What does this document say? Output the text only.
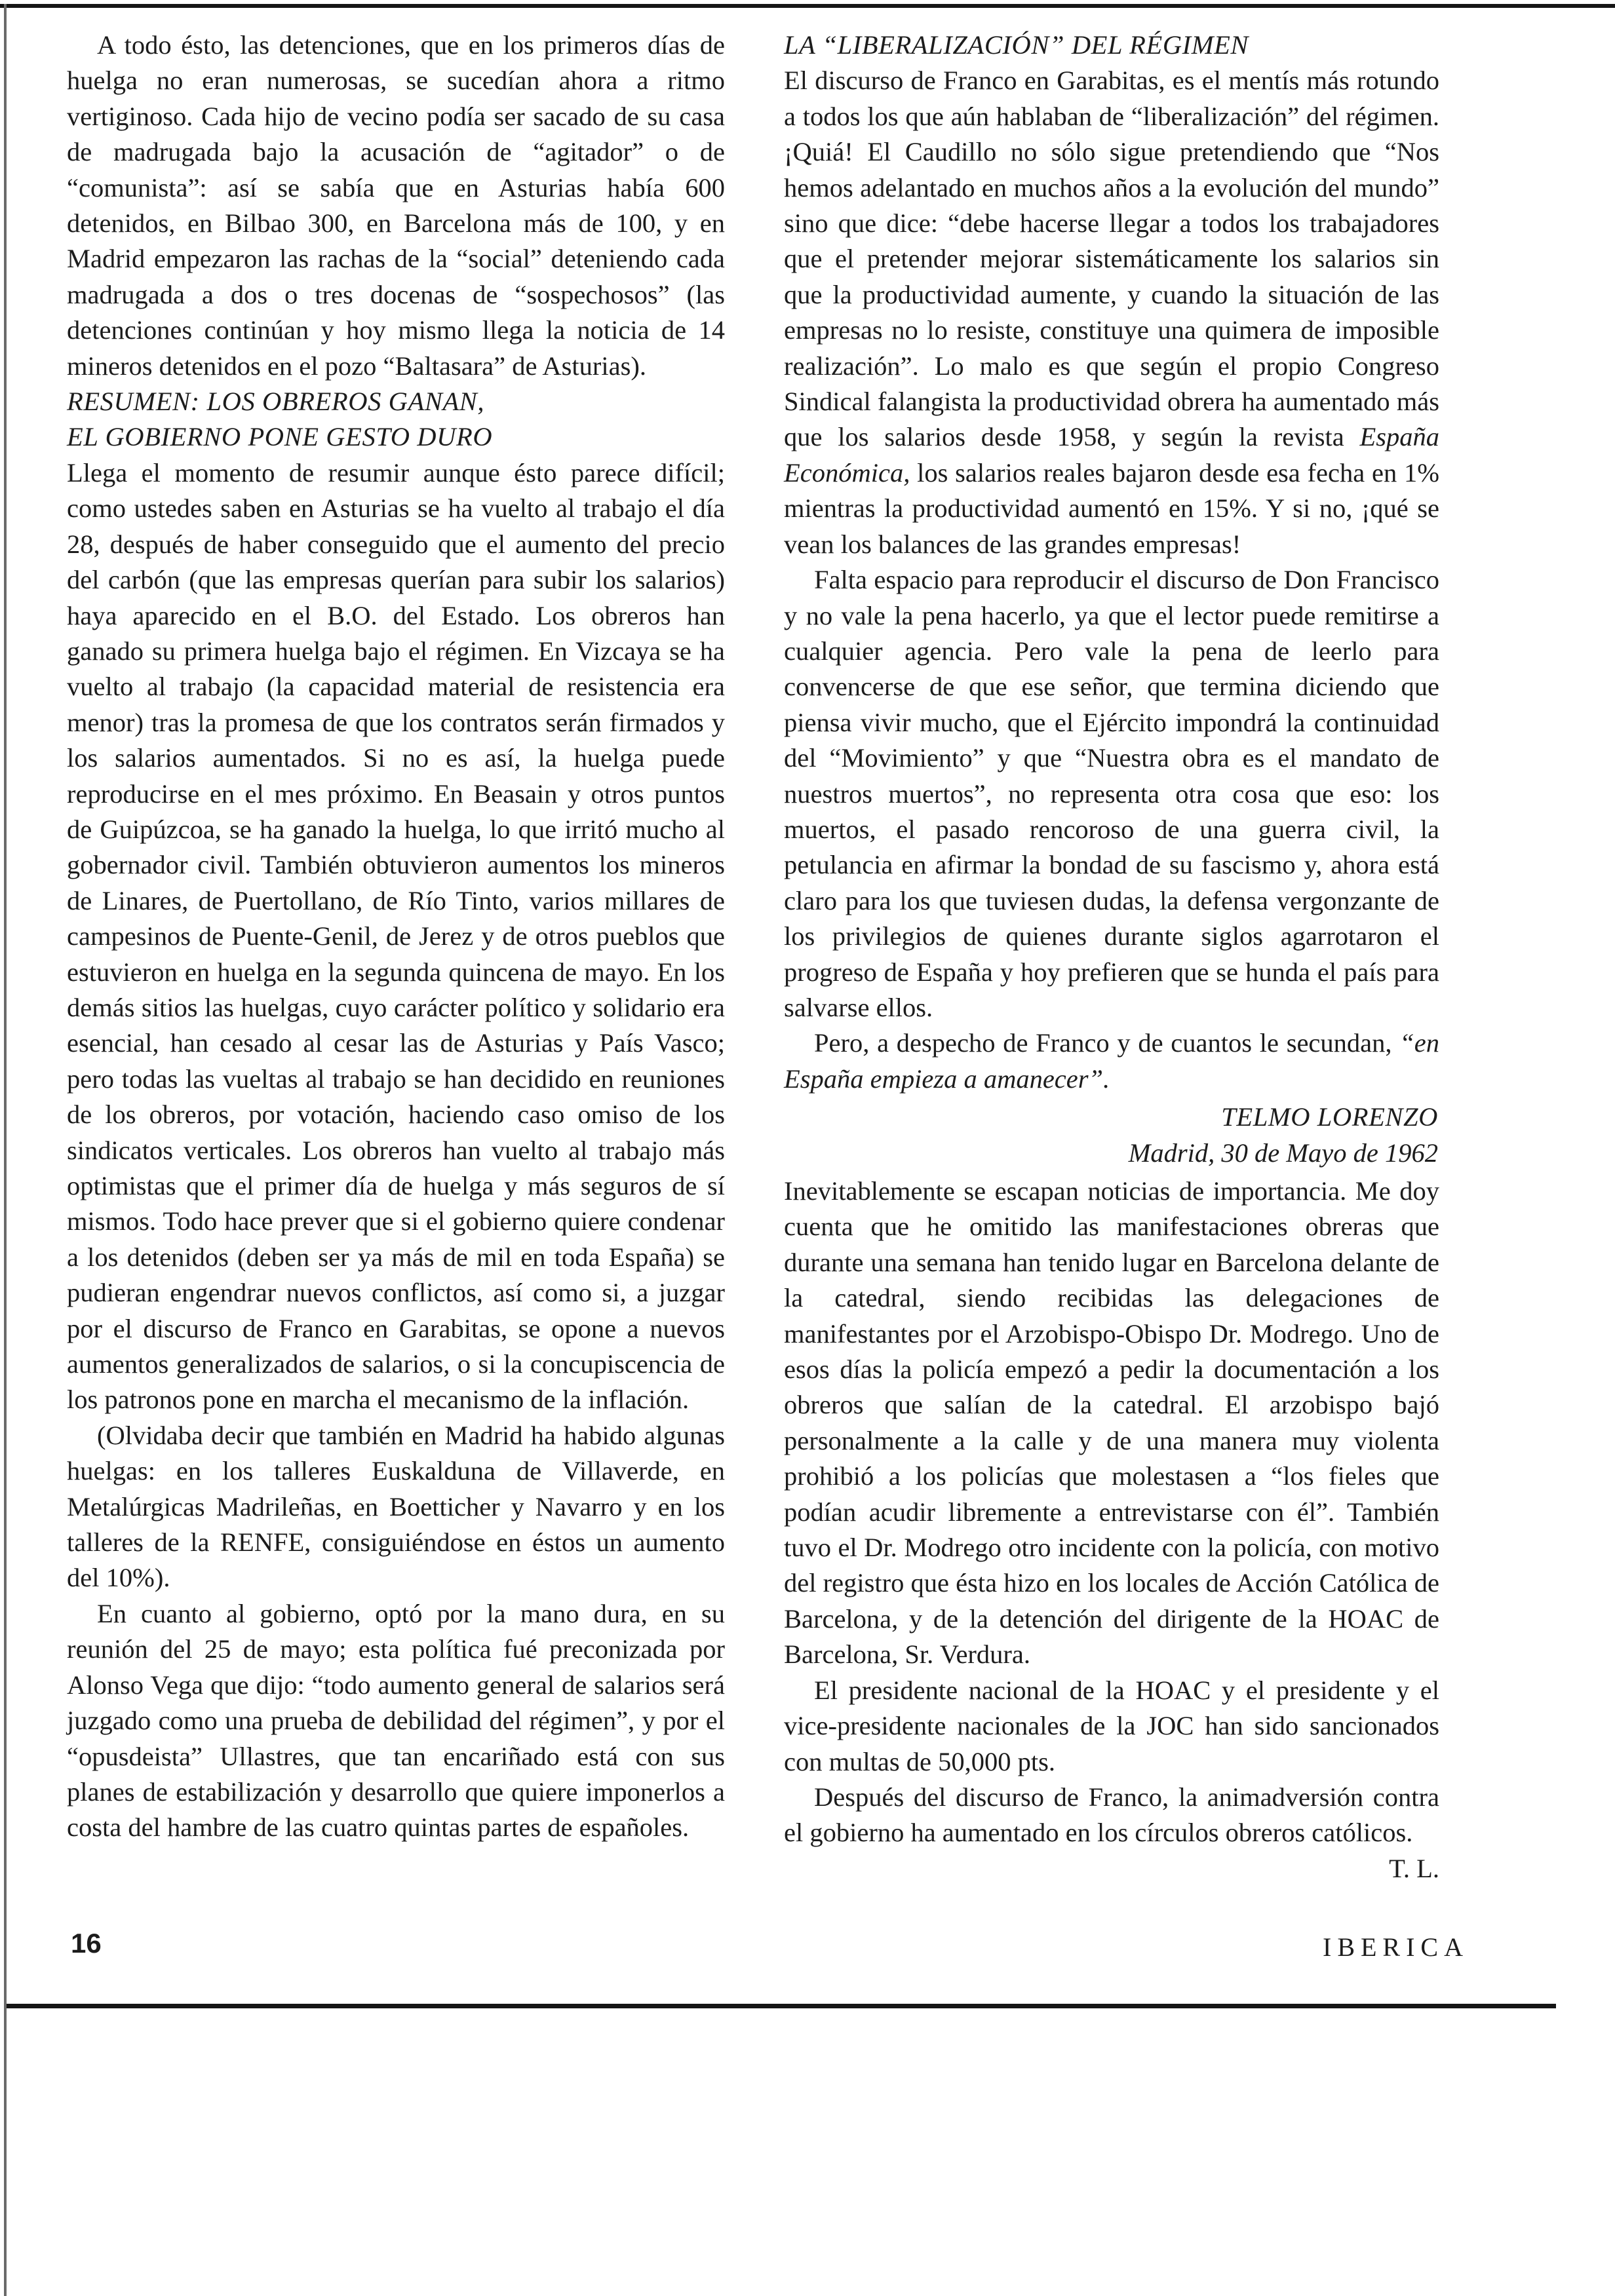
A todo ésto, las detenciones, que en los primeros días de huelga no eran numerosas, se sucedían ahora a ritmo vertiginoso. Cada hijo de vecino podía ser sacado de su casa de madrugada bajo la acusación de “agitador” o de “comunista”: así se sabía que en Asturias había 600 detenidos, en Bilbao 300, en Barcelona más de 100, y en Madrid empezaron las rachas de la “social” deteniendo cada madrugada a dos o tres docenas de “sospechosos” (las detenciones continúan y hoy mismo llega la noticia de 14 mineros detenidos en el pozo “Baltasara” de Asturias).

RESUMEN: LOS OBREROS GANAN,
EL GOBIERNO PONE GESTO DURO

Llega el momento de resumir aunque ésto parece difícil; como ustedes saben en Asturias se ha vuelto al trabajo el día 28, después de haber conseguido que el aumento del precio del carbón (que las empresas querían para subir los salarios) haya aparecido en el B.O. del Estado. Los obreros han ganado su primera huelga bajo el régimen. En Vizcaya se ha vuelto al trabajo (la capacidad material de resistencia era menor) tras la promesa de que los contratos serán firmados y los salarios aumentados. Si no es así, la huelga puede reproducirse en el mes próximo. En Beasain y otros puntos de Guipúzcoa, se ha ganado la huelga, lo que irritó mucho al gobernador civil. También obtuvieron aumentos los mineros de Linares, de Puertollano, de Río Tinto, varios millares de campesinos de Puente-Genil, de Jerez y de otros pueblos que estuvieron en huelga en la segunda quincena de mayo. En los demás sitios las huelgas, cuyo carácter político y solidario era esencial, han cesado al cesar las de Asturias y País Vasco; pero todas las vueltas al trabajo se han decidido en reuniones de los obreros, por votación, haciendo caso omiso de los sindicatos verticales. Los obreros han vuelto al trabajo más optimistas que el primer día de huelga y más seguros de sí mismos. Todo hace prever que si el gobierno quiere condenar a los detenidos (deben ser ya más de mil en toda España) se pudieran engendrar nuevos conflictos, así como si, a juzgar por el discurso de Franco en Garabitas, se opone a nuevos aumentos generalizados de salarios, o si la concupiscencia de los patronos pone en marcha el mecanismo de la inflación.

(Olvidaba decir que también en Madrid ha habido algunas huelgas: en los talleres Euskalduna de Villaverde, en Metalúrgicas Madrileñas, en Boetticher y Navarro y en los talleres de la RENFE, consiguiéndose en éstos un aumento del 10%).

En cuanto al gobierno, optó por la mano dura, en su reunión del 25 de mayo; esta política fué preconizada por Alonso Vega que dijo: “todo aumento general de salarios será juzgado como una prueba de debilidad del régimen”, y por el “opusdeista” Ullastres, que tan encariñado está con sus planes de estabilización y desarrollo que quiere imponerlos a costa del hambre de las cuatro quintas partes de españoles.

LA “LIBERALIZACIÓN” DEL RÉGIMEN

El discurso de Franco en Garabitas, es el mentís más rotundo a todos los que aún hablaban de “liberalización” del régimen. ¡Quiá! El Caudillo no sólo sigue pretendiendo que “Nos hemos adelantado en muchos años a la evolución del mundo” sino que dice: “debe hacerse llegar a todos los trabajadores que el pretender mejorar sistemáticamente los salarios sin que la productividad aumente, y cuando la situación de las empresas no lo resiste, constituye una quimera de imposible realización”. Lo malo es que según el propio Congreso Sindical falangista la productividad obrera ha aumentado más que los salarios desde 1958, y según la revista España Económica, los salarios reales bajaron desde esa fecha en 1% mientras la productividad aumentó en 15%. Y si no, ¡qué se vean los balances de las grandes empresas!

Falta espacio para reproducir el discurso de Don Francisco y no vale la pena hacerlo, ya que el lector puede remitirse a cualquier agencia. Pero vale la pena de leerlo para convencerse de que ese señor, que termina diciendo que piensa vivir mucho, que el Ejército impondrá la continuidad del “Movimiento” y que “Nuestra obra es el mandato de nuestros muertos”, no representa otra cosa que eso: los muertos, el pasado rencoroso de una guerra civil, la petulancia en afirmar la bondad de su fascismo y, ahora está claro para los que tuviesen dudas, la defensa vergonzante de los privilegios de quienes durante siglos agarrotaron el progreso de España y hoy prefieren que se hunda el país para salvarse ellos.

Pero, a despecho de Franco y de cuantos le secundan, “en España empieza a amanecer”.

TELMO LORENZO
Madrid, 30 de Mayo de 1962

Inevitablemente se escapan noticias de importancia. Me doy cuenta que he omitido las manifestaciones obreras que durante una semana han tenido lugar en Barcelona delante de la catedral, siendo recibidas las delegaciones de manifestantes por el Arzobispo-Obispo Dr. Modrego. Uno de esos días la policía empezó a pedir la documentación a los obreros que salían de la catedral. El arzobispo bajó personalmente a la calle y de una manera muy violenta prohibió a los policías que molestasen a “los fieles que podían acudir libremente a entrevistarse con él”. También tuvo el Dr. Modrego otro incidente con la policía, con motivo del registro que ésta hizo en los locales de Acción Católica de Barcelona, y de la detención del dirigente de la HOAC de Barcelona, Sr. Verdura.

El presidente nacional de la HOAC y el presidente y el vice-presidente nacionales de la JOC han sido sancionados con multas de 50,000 pts.

Después del discurso de Franco, la animadversión contra el gobierno ha aumentado en los círculos obreros católicos.

T. L.
16	IBERICA
